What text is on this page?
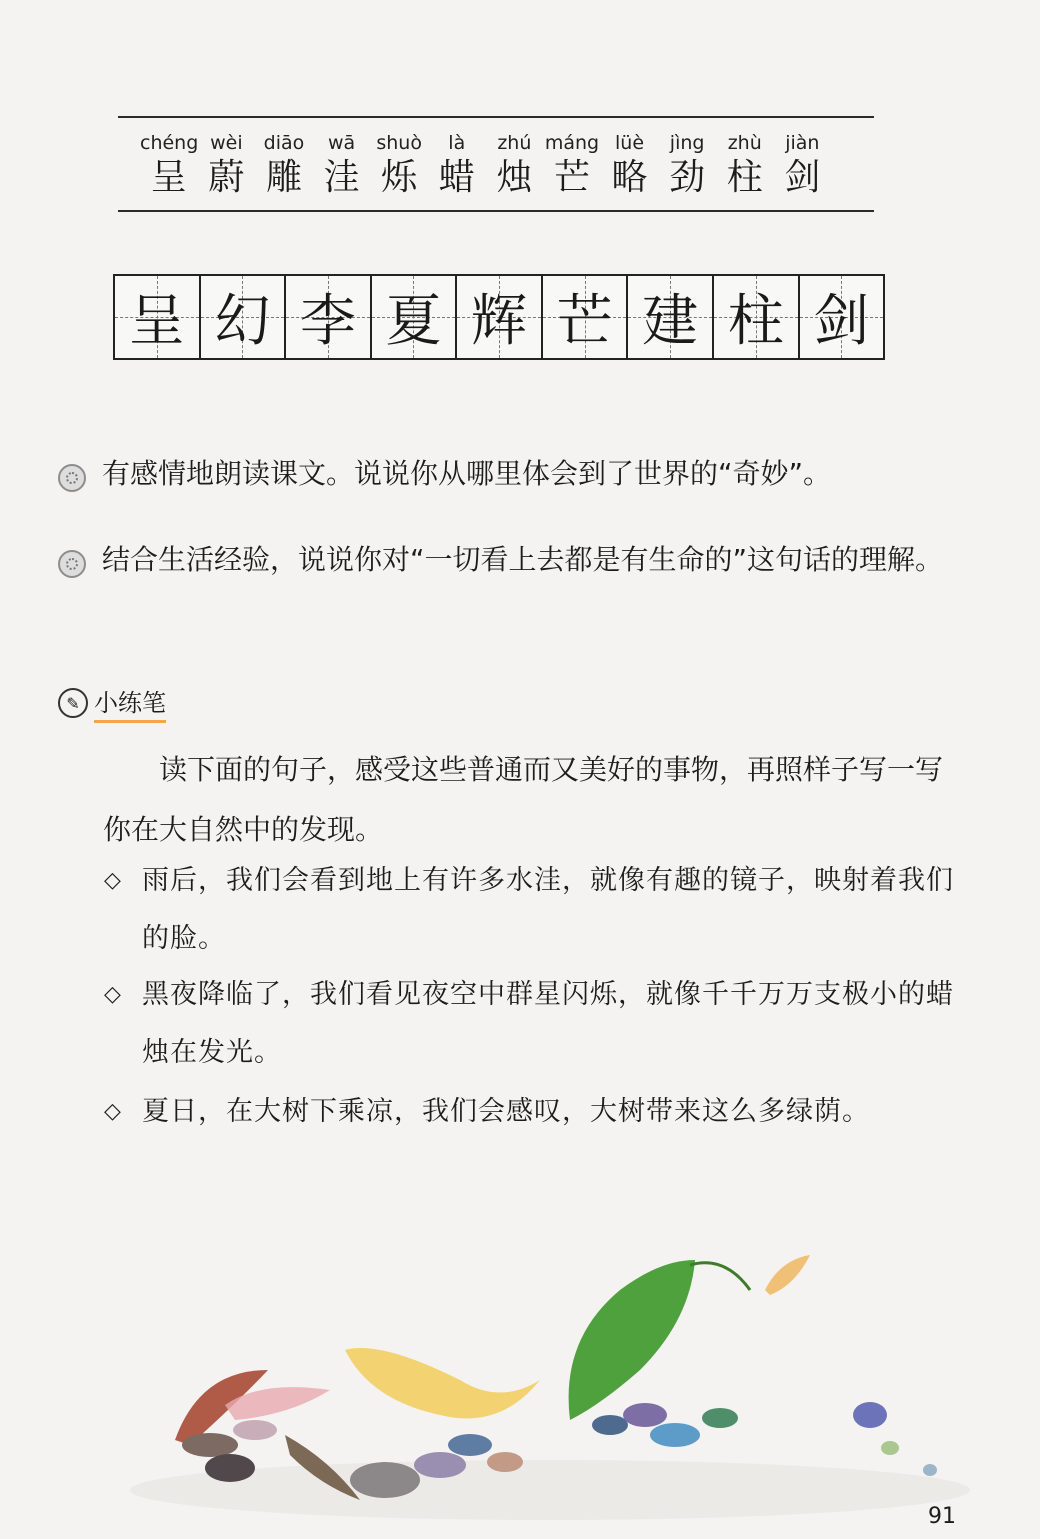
chéng
呈
wèi
蔚
diāo
雕
wā
洼
shuò
烁
là
蜡
zhú
烛
máng
芒
lüè
略
jìng
劲
zhù
柱
jiàn
剑
呈 幻 李 夏 辉 芒 建 柱 剑
有感情地朗读课文。说说你从哪里体会到了世界的“奇妙”。
结合生活经验，说说你对“一切看上去都是有生命的”这句话的理解。
✎ 小练笔
读下面的句子，感受这些普通而又美好的事物，再照样子写一写你在大自然中的发现。
◇ 雨后，我们会看到地上有许多水洼，就像有趣的镜子，映射着我们的脸。
◇ 黑夜降临了，我们看见夜空中群星闪烁，就像千千万万支极小的蜡烛在发光。
◇ 夏日，在大树下乘凉，我们会感叹，大树带来这么多绿荫。
91
